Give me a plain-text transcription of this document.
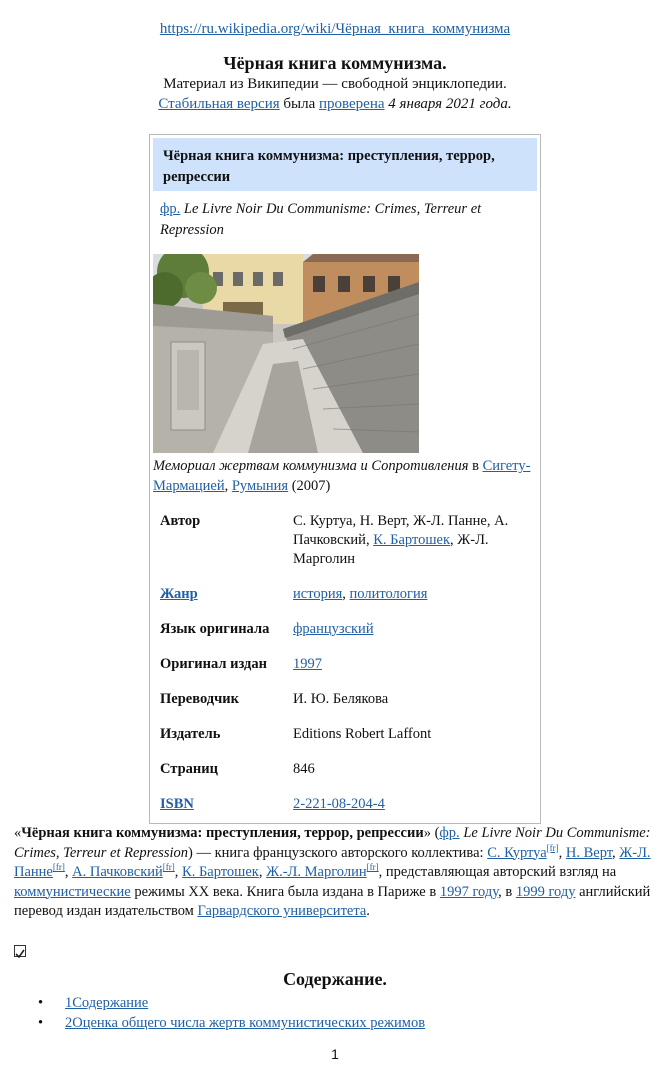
https://ru.wikipedia.org/wiki/Чёрная_книга_коммунизма
Чёрная книга коммунизма.
Материал из Википедии — свободной энциклопедии.
Стабильная версия была проверена 4 января 2021 года.
Чёрная книга коммунизма: преступления, террор, репрессии
фр. Le Livre Noir Du Communisme: Crimes, Terreur et Repression
Мемориал жертвам коммунизма и Сопротивления в Сигету-Мармацией, Румыния (2007)
Автор	С. Куртуа, Н. Верт, Ж-Л. Панне, А. Пачковский, К. Бартошек, Ж-Л. Марголин
Жанр	история, политология
Язык оригинала	французский
Оригинал издан	1997
Переводчик	И. Ю. Белякова
Издатель	Editions Robert Laffont
Страниц	846
ISBN	2-221-08-204-4
«Чёрная книга коммунизма: преступления, террор, репрессии» (фр. Le Livre Noir Du Communisme: Crimes, Terreur et Repression) — книга французского авторского коллектива: С. Куртуа[fr], Н. Верт, Ж-Л. Панне[fr], А. Пачковский[fr], К. Бартошек, Ж.-Л. Марголин[fr], представляющая авторский взгляд на коммунистические режимы XX века. Книга была издана в Париже в 1997 году, в 1999 году английский перевод издан издательством Гарвардского университета.
Содержание.
• 1Содержание
• 2Оценка общего числа жертв коммунистических режимов
1
